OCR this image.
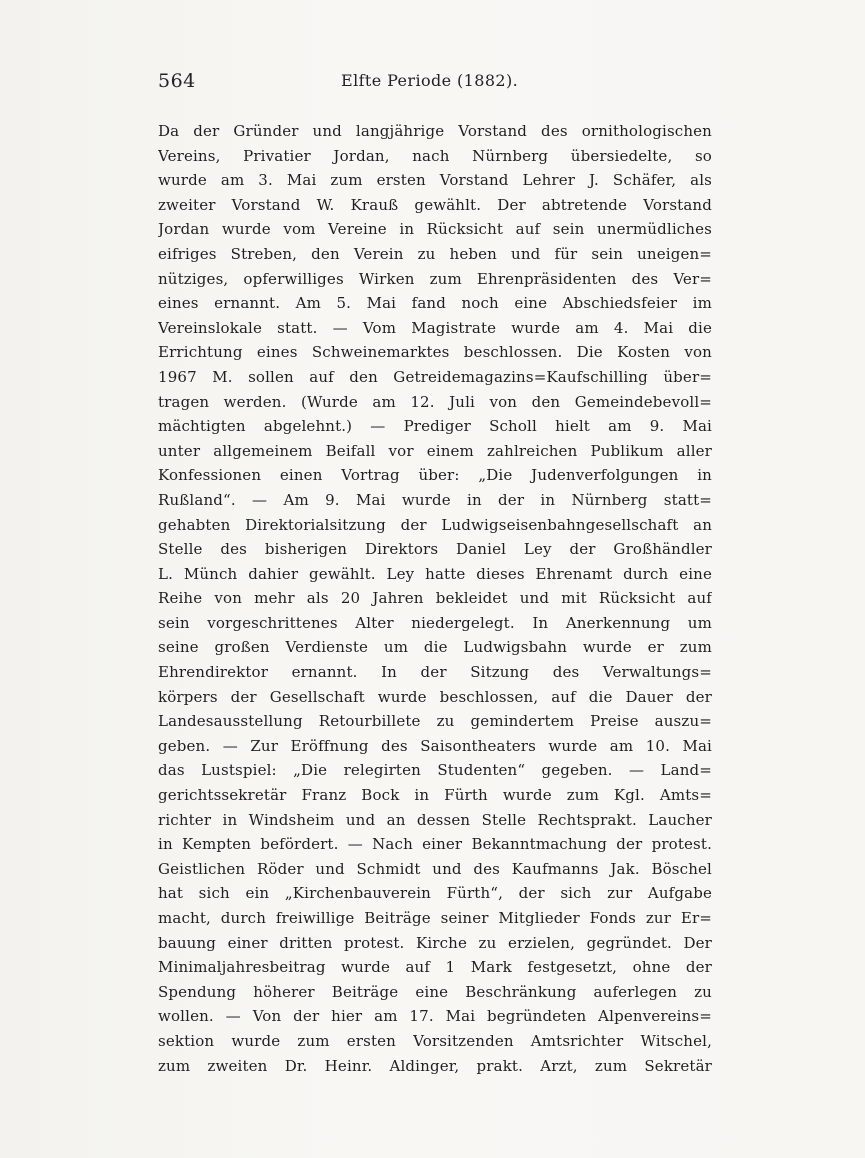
564	Elfte Periode (1882).
Da der Gründer und langjährige Vorstand des ornithologischen
Vereins, Privatier Jordan, nach Nürnberg übersiedelte, so
wurde am 3. Mai zum ersten Vorstand Lehrer J. Schäfer, als
zweiter Vorstand W. Krauß gewählt. Der abtretende Vorstand
Jordan wurde vom Vereine in Rücksicht auf sein unermüdliches
eifriges Streben, den Verein zu heben und für sein uneigen=
nütziges, opferwilliges Wirken zum Ehrenpräsidenten des Ver=
eines ernannt. Am 5. Mai fand noch eine Abschiedsfeier im
Vereinslokale statt. — Vom Magistrate wurde am 4. Mai die
Errichtung eines Schweinemarktes beschlossen. Die Kosten von
1967 M. sollen auf den Getreidemagazins=Kaufschilling über=
tragen werden. (Wurde am 12. Juli von den Gemeindebevoll=
mächtigten abgelehnt.) — Prediger Scholl hielt am 9. Mai
unter allgemeinem Beifall vor einem zahlreichen Publikum aller
Konfessionen einen Vortrag über: „Die Judenverfolgungen in
Rußland“. — Am 9. Mai wurde in der in Nürnberg statt=
gehabten Direktorialsitzung der Ludwigseisenbahngesellschaft an
Stelle des bisherigen Direktors Daniel Ley der Großhändler
L. Münch dahier gewählt. Ley hatte dieses Ehrenamt durch eine
Reihe von mehr als 20 Jahren bekleidet und mit Rücksicht auf
sein vorgeschrittenes Alter niedergelegt. In Anerkennung um
seine großen Verdienste um die Ludwigsbahn wurde er zum
Ehrendirektor ernannt. In der Sitzung des Verwaltungs=
körpers der Gesellschaft wurde beschlossen, auf die Dauer der
Landesausstellung Retourbillete zu gemindertem Preise auszu=
geben. — Zur Eröffnung des Saisontheaters wurde am 10. Mai
das Lustspiel: „Die relegirten Studenten“ gegeben. — Land=
gerichtssekretär Franz Bock in Fürth wurde zum Kgl. Amts=
richter in Windsheim und an dessen Stelle Rechtsprakt. Laucher
in Kempten befördert. — Nach einer Bekanntmachung der protest.
Geistlichen Röder und Schmidt und des Kaufmanns Jak. Böschel
hat sich ein „Kirchenbauverein Fürth“, der sich zur Aufgabe
macht, durch freiwillige Beiträge seiner Mitglieder Fonds zur Er=
bauung einer dritten protest. Kirche zu erzielen, gegründet. Der
Minimaljahresbeitrag wurde auf 1 Mark festgesetzt, ohne der
Spendung höherer Beiträge eine Beschränkung auferlegen zu
wollen. — Von der hier am 17. Mai begründeten Alpenvereins=
sektion wurde zum ersten Vorsitzenden Amtsrichter Witschel,
zum zweiten Dr. Heinr. Aldinger, prakt. Arzt, zum Sekretär
